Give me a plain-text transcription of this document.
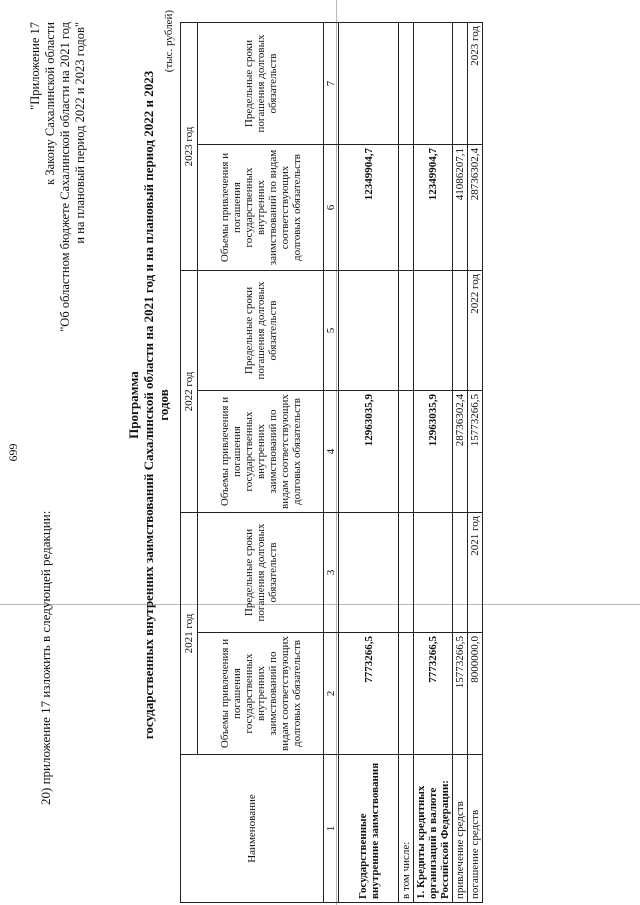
699
20) приложение 17 изложить в следующей редакции:
"Приложение 17 к Закону Сахалинской области "Об областном бюджете Сахалинской области на 2021 год и на плановый период 2022 и 2023 годов"
Программа государственных внутренних заимствований Сахалинской области на 2021 год и на плановый период 2022 и 2023 годов
(тыс. рублей)
Наименование	2021 год		2022 год		2023 год	
	Объемы привлечения и погашения государственных внутренних заимствований по видам соответствующих долговых обязательств	Предельные сроки погашения долговых обязательств	Объемы привлечения и погашения государственных внутренних заимствований по видам соответствующих долговых обязательств	Предельные сроки погашения долговых обязательств	Объемы привлечения и погашения государственных внутренних заимствований по видам соответствующих долговых обязательств	Предельные сроки погашения долговых обязательств
1	2	3	4	5	6	7
Государственные внутренние заимствования	7773266,5		12963035,9		12349904,7	
в том числе:						
1. Кредиты кредитных организаций в валюте Российской Федерации:	7773266,5		12963035,9		12349904,7	
привлечение средств	15773266,5		28736302,4		41086207,1	
погашение средств	8000000,0	2021 год	15773266,5	2022 год	28736302,4	2023 год
